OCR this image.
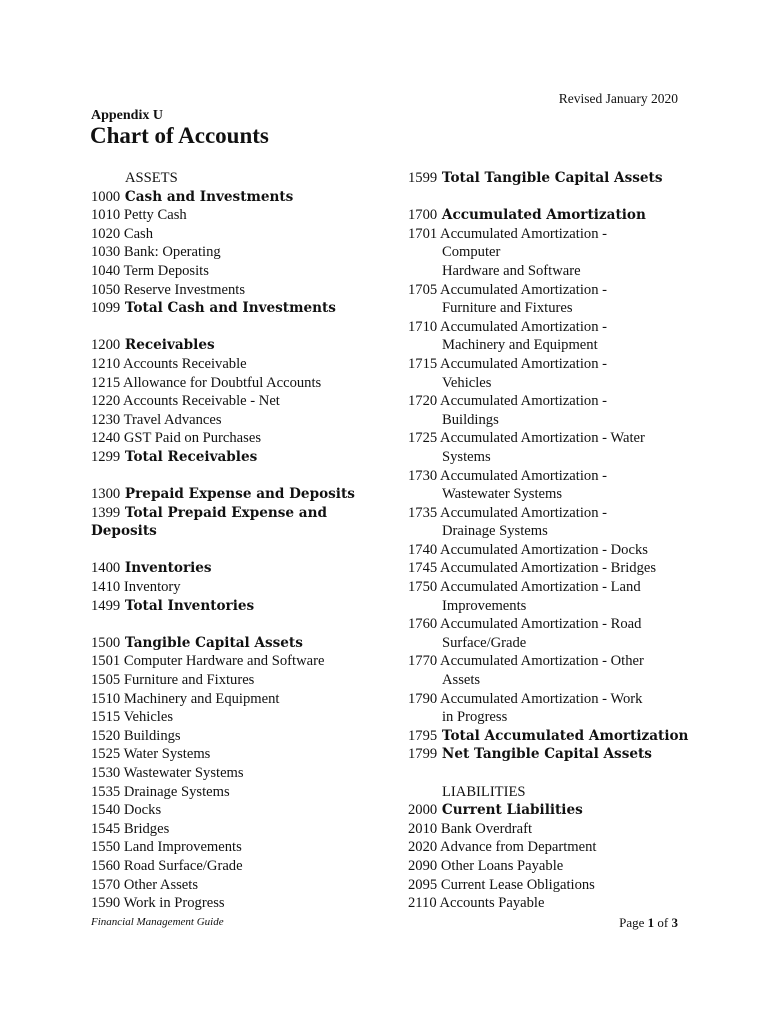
Revised January 2020
Appendix U
Chart of Accounts
ASSETS
1000 Cash and Investments
1010 Petty Cash
1020 Cash
1030 Bank: Operating
1040 Term Deposits
1050 Reserve Investments
1099 Total Cash and Investments
1200 Receivables
1210 Accounts Receivable
1215 Allowance for Doubtful Accounts
1220 Accounts Receivable - Net
1230 Travel Advances
1240 GST Paid on Purchases
1299 Total Receivables
1300 Prepaid Expense and Deposits
1399 Total Prepaid Expense and
Deposits
1400 Inventories
1410 Inventory
1499 Total Inventories
1500 Tangible Capital Assets
1501 Computer Hardware and Software
1505 Furniture and Fixtures
1510 Machinery and Equipment
1515 Vehicles
1520 Buildings
1525 Water Systems
1530 Wastewater Systems
1535 Drainage Systems
1540 Docks
1545 Bridges
1550 Land Improvements
1560 Road Surface/Grade
1570 Other Assets
1590 Work in Progress
1599 Total Tangible Capital Assets
1700 Accumulated Amortization
1701 Accumulated Amortization -
Computer
Hardware and Software
1705 Accumulated Amortization -
Furniture and Fixtures
1710 Accumulated Amortization -
Machinery and Equipment
1715 Accumulated Amortization -
Vehicles
1720 Accumulated Amortization -
Buildings
1725 Accumulated Amortization - Water
Systems
1730 Accumulated Amortization -
Wastewater Systems
1735 Accumulated Amortization -
Drainage Systems
1740 Accumulated Amortization - Docks
1745 Accumulated Amortization - Bridges
1750 Accumulated Amortization - Land
Improvements
1760 Accumulated Amortization - Road
Surface/Grade
1770 Accumulated Amortization - Other
Assets
1790 Accumulated Amortization - Work
in Progress
1795 Total Accumulated Amortization
1799 Net Tangible Capital Assets
LIABILITIES
2000 Current Liabilities
2010 Bank Overdraft
2020 Advance from Department
2090 Other Loans Payable
2095 Current Lease Obligations
2110 Accounts Payable
Financial Management Guide	Page 1 of 3
